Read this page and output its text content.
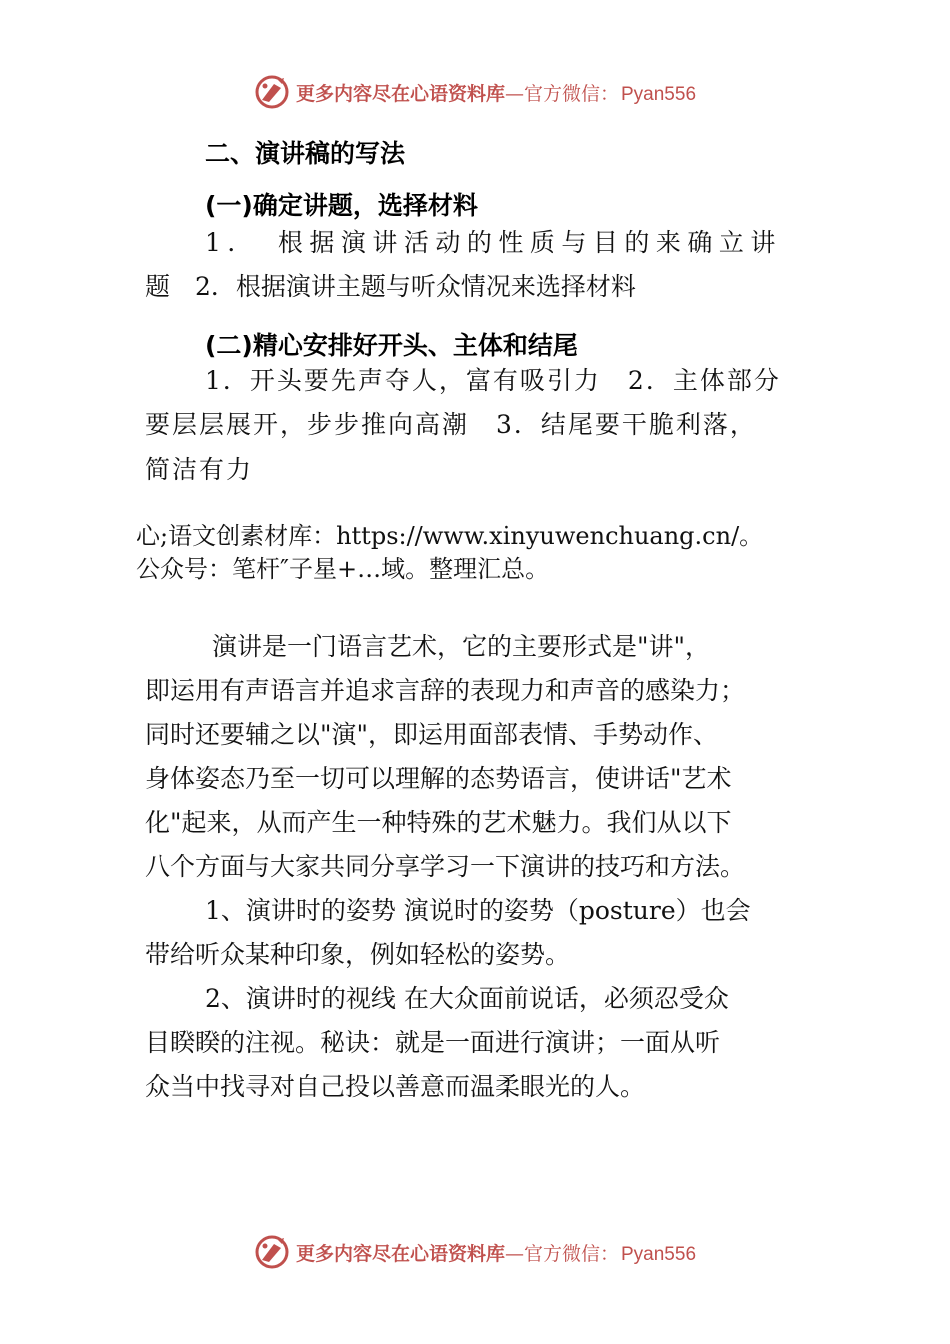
更多内容尽在心语资料库—官方微信： Pyan556
二、演讲稿的写法
(一)确定讲题，选择材料
1．　根据演讲活动的性质与目的来确立讲
题　2．根据演讲主题与听众情况来选择材料
(二)精心安排好开头、主体和结尾
1．开头要先声夺人，富有吸引力　2．主体部分
要层层展开，步步推向高潮　3．结尾要干脆利落，
简洁有力
心;语文创素材库：https://www.xinyuwenchuang.cn/。
公众号：笔杆″子星+…域。整理汇总。
演讲是一门语言艺术，它的主要形式是"讲"，
即运用有声语言并追求言辞的表现力和声音的感染力；
同时还要辅之以"演"，即运用面部表情、手势动作、
身体姿态乃至一切可以理解的态势语言，使讲话"艺术
化"起来，从而产生一种特殊的艺术魅力。我们从以下
八个方面与大家共同分享学习一下演讲的技巧和方法。
1、演讲时的姿势 演说时的姿势（posture）也会
带给听众某种印象，例如轻松的姿势。
2、演讲时的视线 在大众面前说话，必须忍受众
目睽睽的注视。秘诀：就是一面进行演讲；一面从听
众当中找寻对自己投以善意而温柔眼光的人。
更多内容尽在心语资料库—官方微信： Pyan556
